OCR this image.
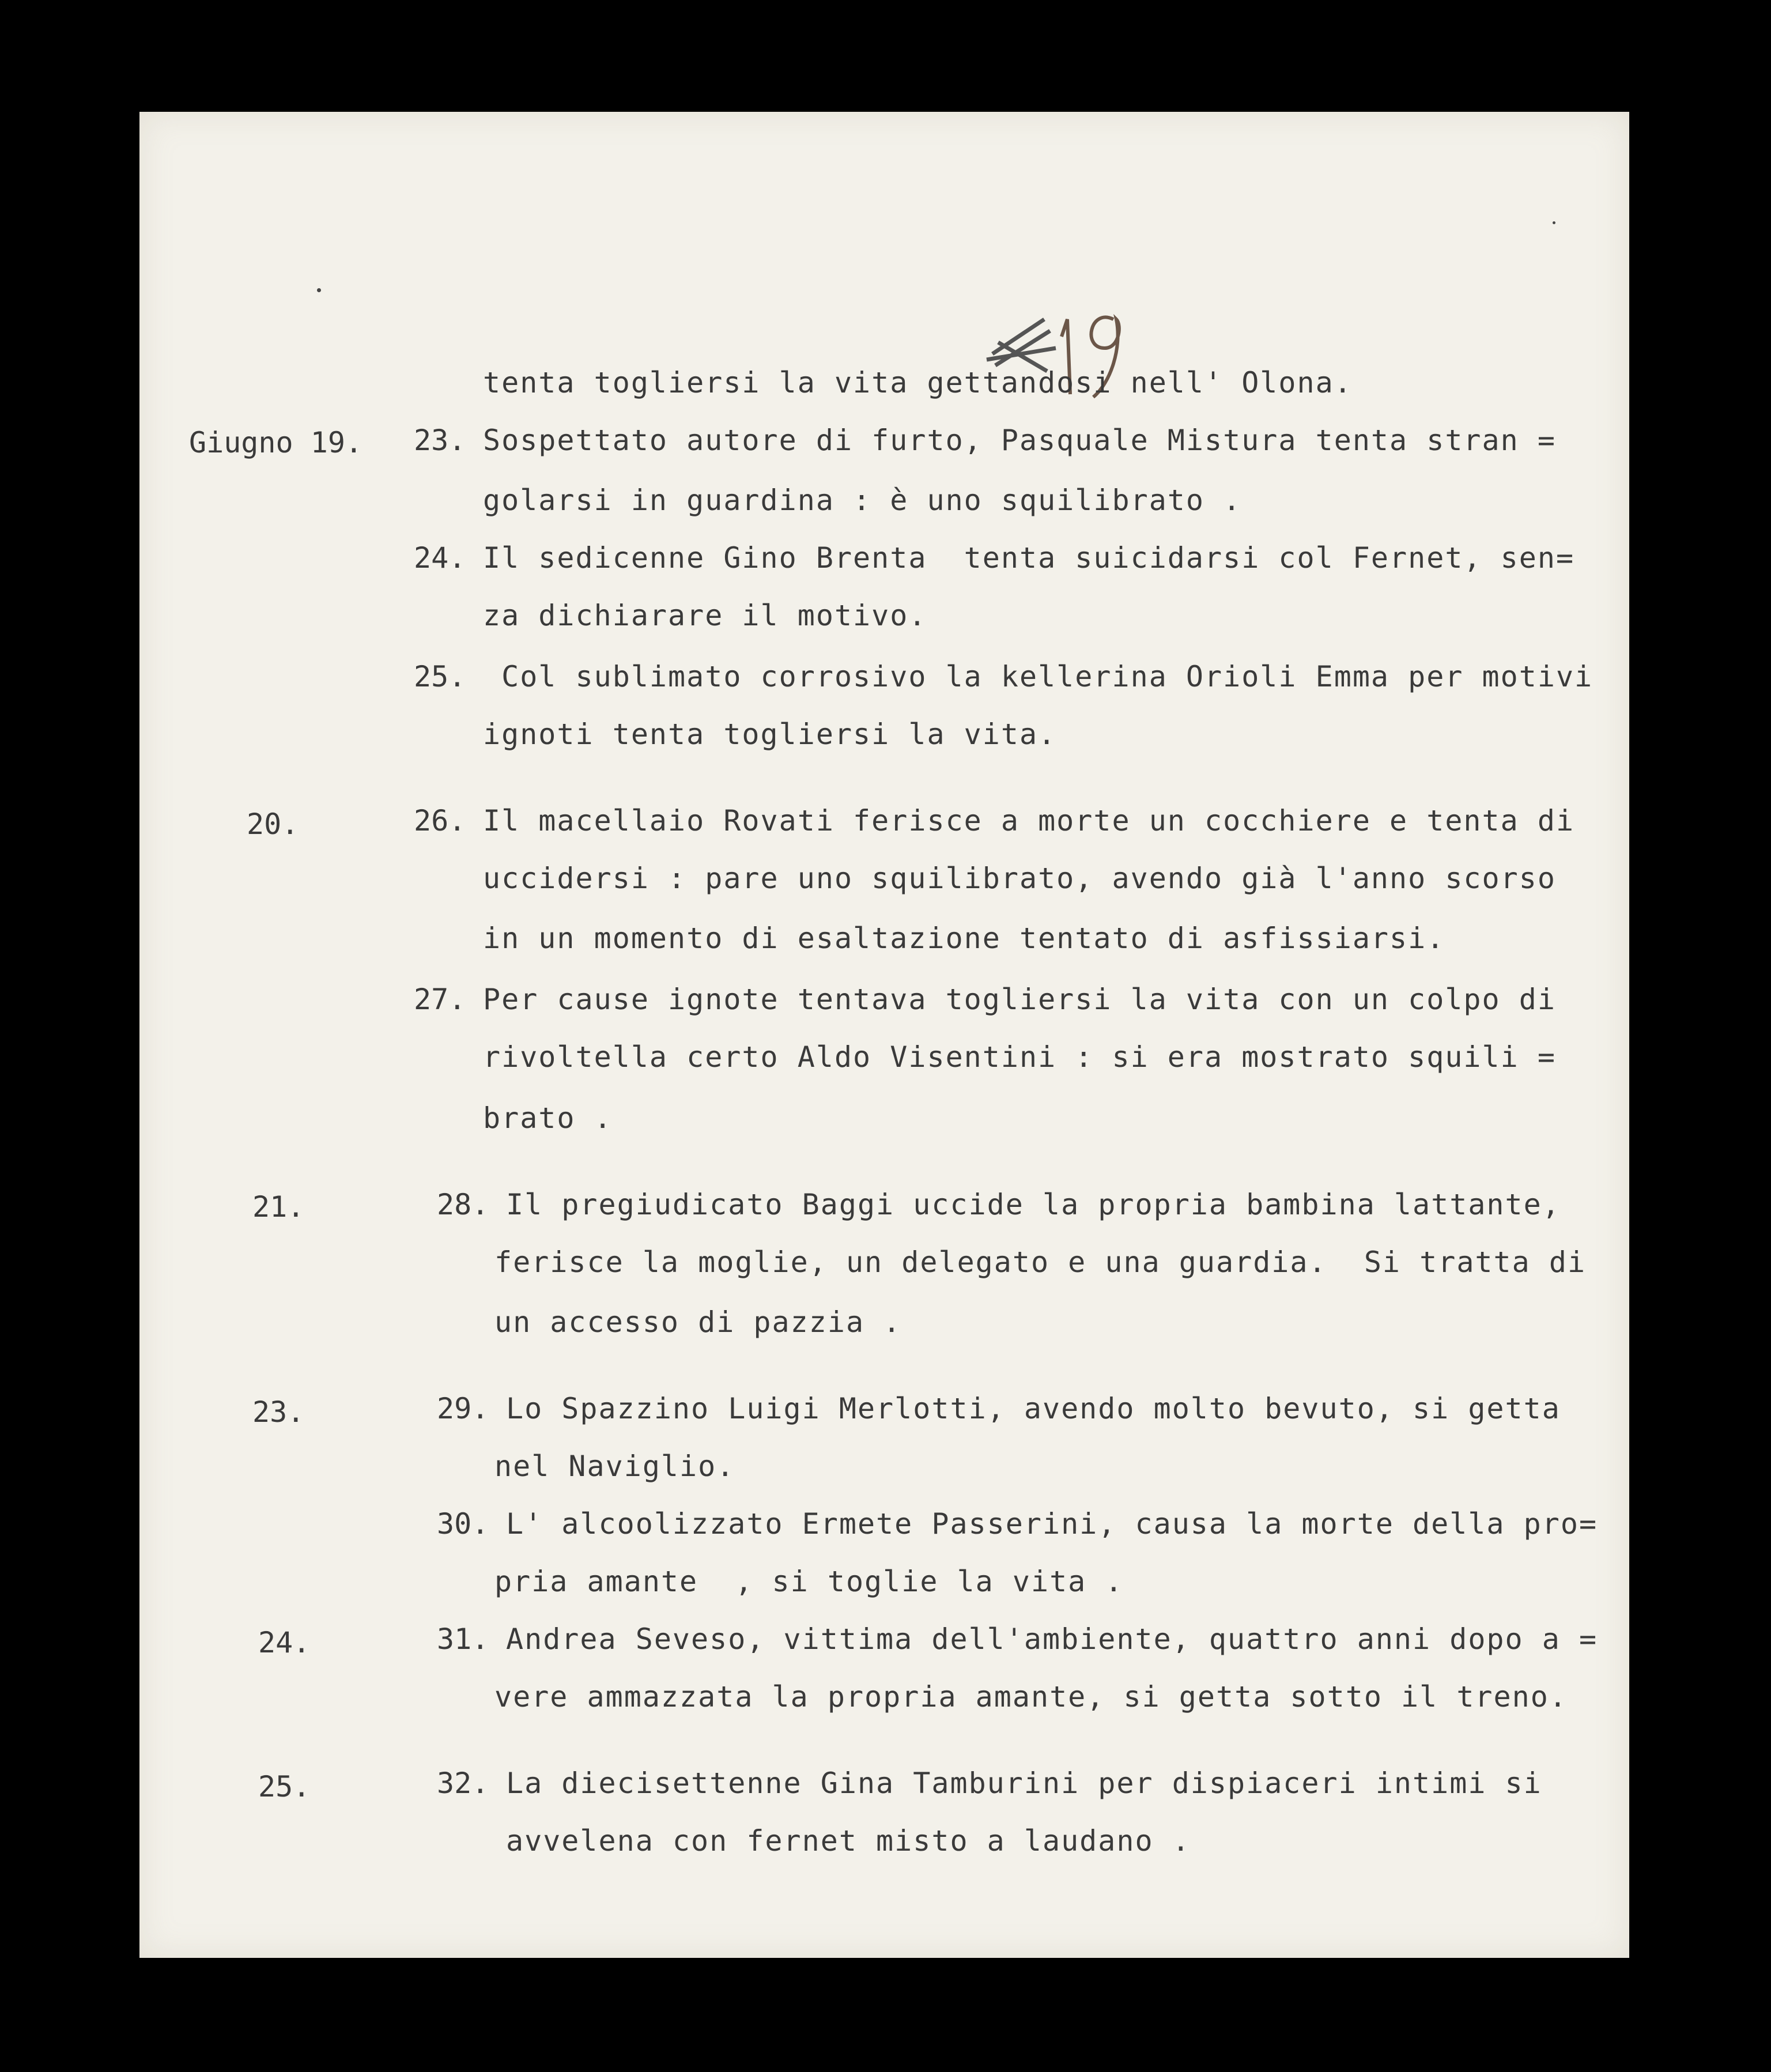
tenta togliersi la vita gettandosi nell' Olona.
Giugno 19. 23. Sospettato autore di furto, Pasquale Mistura tenta stran =
golarsi in guardina : è uno squilibrato .
24. Il sedicenne Gino Brenta  tenta suicidarsi col Fernet, sen=
za dichiarare il motivo.
25. Col sublimato corrosivo la kellerina Orioli Emma per motivi
ignoti tenta togliersi la vita.
20.	26. Il macellaio Rovati ferisce a morte un cocchiere e tenta di
uccidersi : pare uno squilibrato, avendo già l'anno scorso
in un momento di esaltazione tentato di asfissiarsi.
27. Per cause ignote tentava togliersi la vita con un colpo di
rivoltella certo Aldo Visentini : si era mostrato squili =
brato .
21.	28. Il pregiudicato Baggi uccide la propria bambina lattante,
ferisce la moglie, un delegato e una guardia.  Si tratta di
un accesso di pazzia .
23.	29. Lo Spazzino Luigi Merlotti, avendo molto bevuto, si getta
nel Naviglio.
30. L' alcoolizzato Ermete Passerini, causa la morte della pro=
pria amante  , si toglie la vita .
24.	31. Andrea Seveso, vittima dell'ambiente, quattro anni dopo a =
vere ammazzata la propria amante, si getta sotto il treno.
25.	32. La diecisettenne Gina Tamburini per dispiaceri intimi si
avvelena con fernet misto a laudano .
